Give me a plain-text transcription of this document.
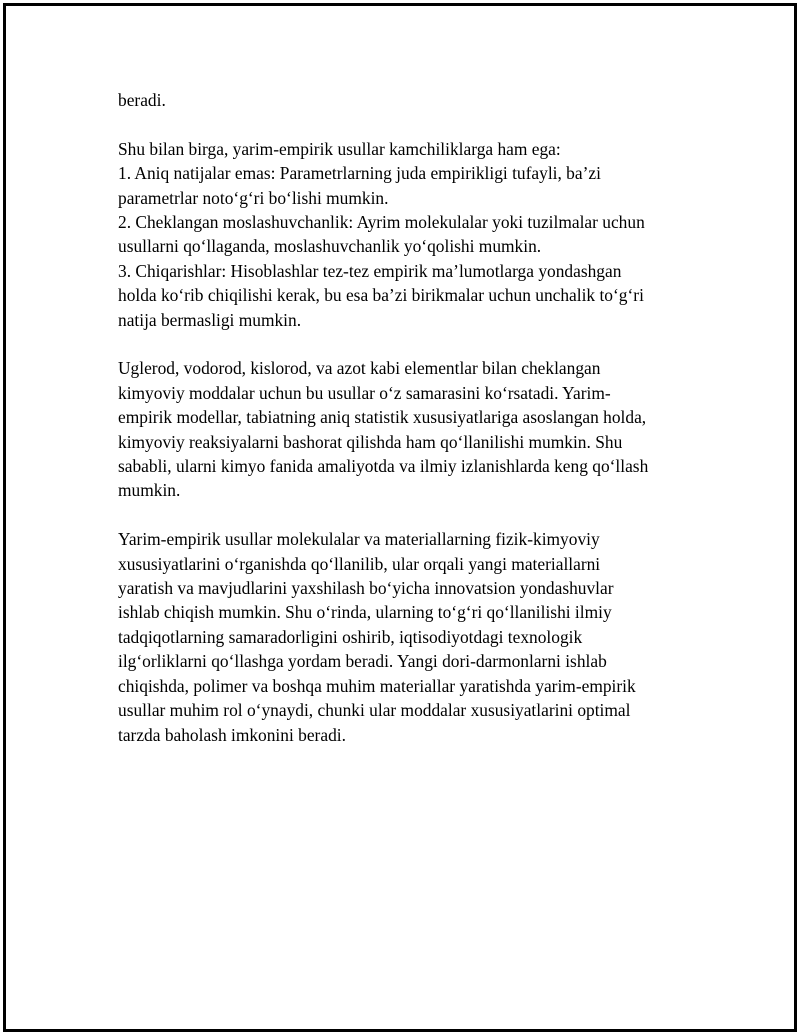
beradi.

Shu bilan birga, yarim-empirik usullar kamchiliklarga ham ega:

1. Aniq natijalar emas: Parametrlarning juda empirikligi tufayli, baʼzi

parametrlar notoʻgʻri boʻlishi mumkin.

2. Cheklangan moslashuvchanlik: Ayrim molekulalar yoki tuzilmalar uchun

usullarni qoʻllaganda, moslashuvchanlik yoʻqolishi mumkin.

3. Chiqarishlar: Hisoblashlar tez-tez empirik maʼlumotlarga yondashgan

holda koʻrib chiqilishi kerak, bu esa baʼzi birikmalar uchun unchalik toʻgʻri

natija bermasligi mumkin.

Uglerod, vodorod, kislorod, va azot kabi elementlar bilan cheklangan

kimyoviy moddalar uchun bu usullar oʻz samarasini koʻrsatadi. Yarim-

empirik modellar, tabiatning aniq statistik xususiyatlariga asoslangan holda,

kimyoviy reaksiyalarni bashorat qilishda ham qoʻllanilishi mumkin. Shu

sababli, ularni kimyo fanida amaliyotda va ilmiy izlanishlarda keng qoʻllash

mumkin.

Yarim-empirik usullar molekulalar va materiallarning fizik-kimyoviy

xususiyatlarini oʻrganishda qoʻllanilib, ular orqali yangi materiallarni

yaratish va mavjudlarini yaxshilash boʻyicha innovatsion yondashuvlar

ishlab chiqish mumkin. Shu oʻrinda, ularning toʻgʻri qoʻllanilishi ilmiy

tadqiqotlarning samaradorligini oshirib, iqtisodiyotdagi texnologik

ilgʻorliklarni qoʻllashga yordam beradi. Yangi dori-darmonlarni ishlab

chiqishda, polimer va boshqa muhim materiallar yaratishda yarim-empirik

usullar muhim rol oʻynaydi, chunki ular moddalar xususiyatlarini optimal

tarzda baholash imkonini beradi.
